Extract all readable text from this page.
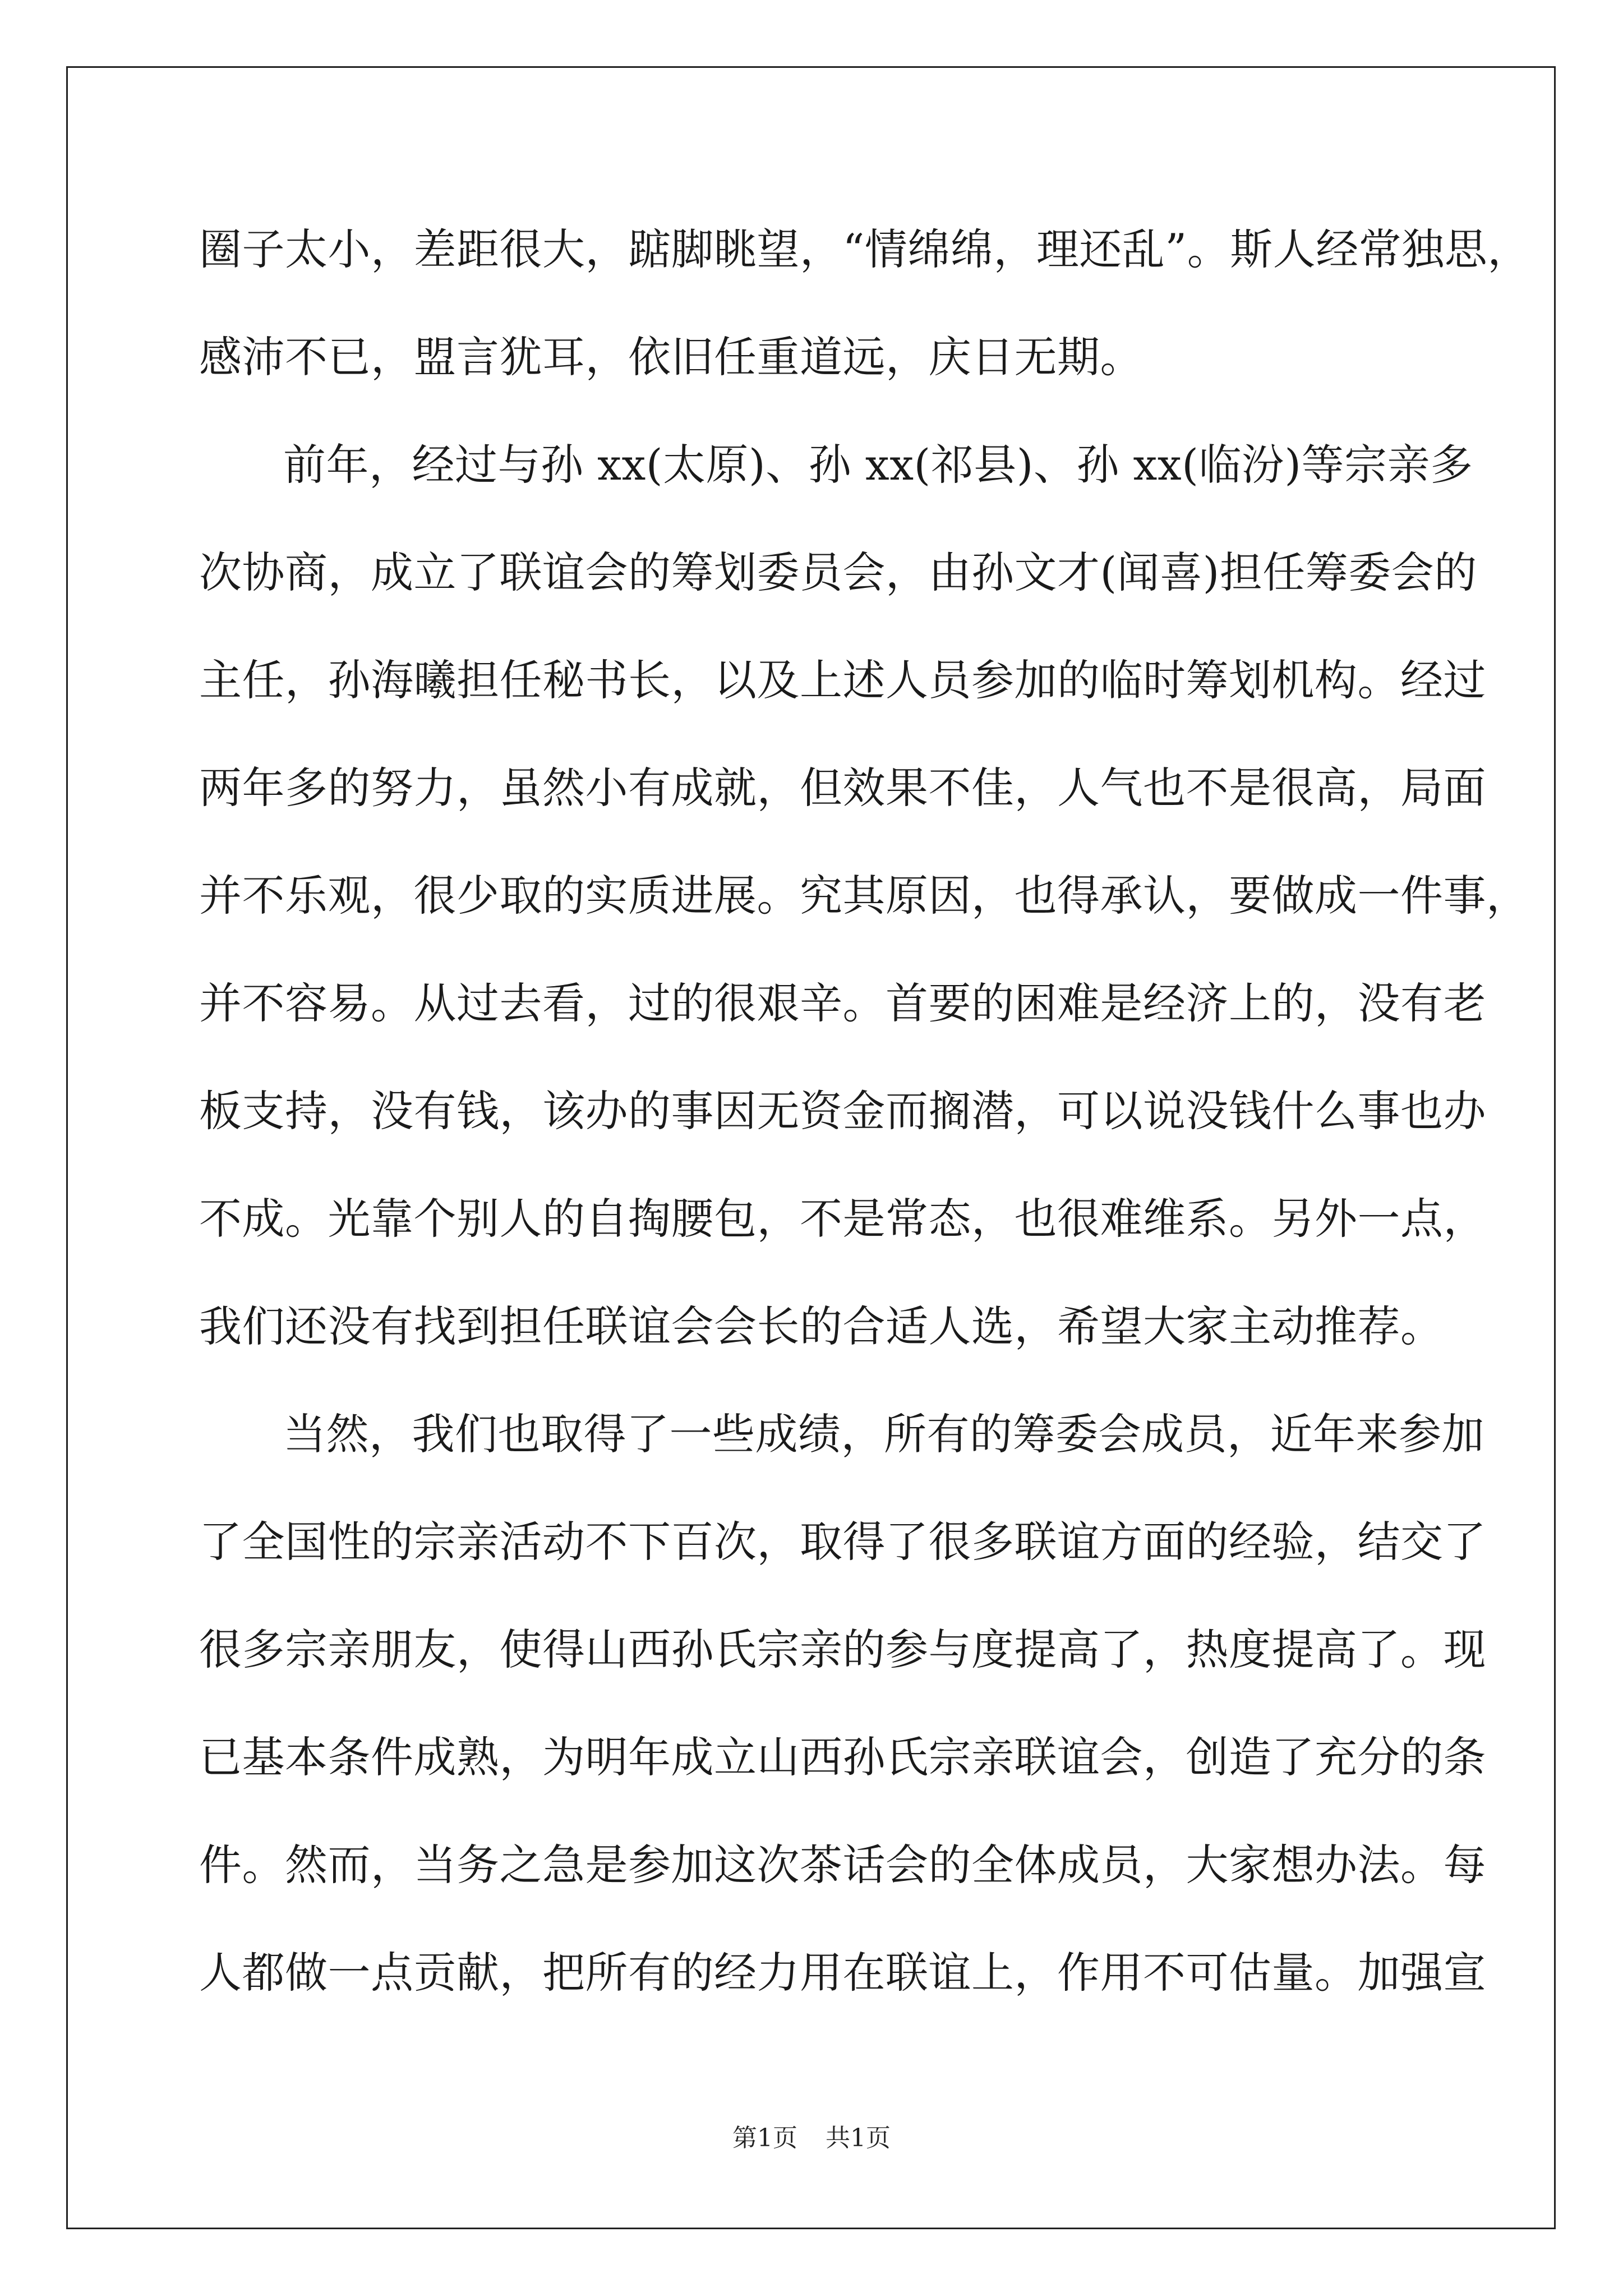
圈子太小，差距很大，踮脚眺望，“情绵绵，理还乱”。斯人经常独思，
感沛不已，盟言犹耳，依旧任重道远，庆日无期。
前年，经过与孙 xx(太原)、孙 xx(祁县)、孙 xx(临汾)等宗亲多
次协商，成立了联谊会的筹划委员会，由孙文才(闻喜)担任筹委会的
主任，孙海曦担任秘书长，以及上述人员参加的临时筹划机构。经过
两年多的努力，虽然小有成就，但效果不佳，人气也不是很高，局面
并不乐观，很少取的实质进展。究其原因，也得承认，要做成一件事，
并不容易。从过去看，过的很艰辛。首要的困难是经济上的，没有老
板支持，没有钱，该办的事因无资金而搁潜，可以说没钱什么事也办
不成。光靠个别人的自掏腰包，不是常态，也很难维系。另外一点，
我们还没有找到担任联谊会会长的合适人选，希望大家主动推荐。
当然，我们也取得了一些成绩，所有的筹委会成员，近年来参加
了全国性的宗亲活动不下百次，取得了很多联谊方面的经验，结交了
很多宗亲朋友，使得山西孙氏宗亲的参与度提高了，热度提高了。现
已基本条件成熟，为明年成立山西孙氏宗亲联谊会，创造了充分的条
件。然而，当务之急是参加这次茶话会的全体成员，大家想办法。每
人都做一点贡献，把所有的经力用在联谊上，作用不可估量。加强宣
第1页 共1页
